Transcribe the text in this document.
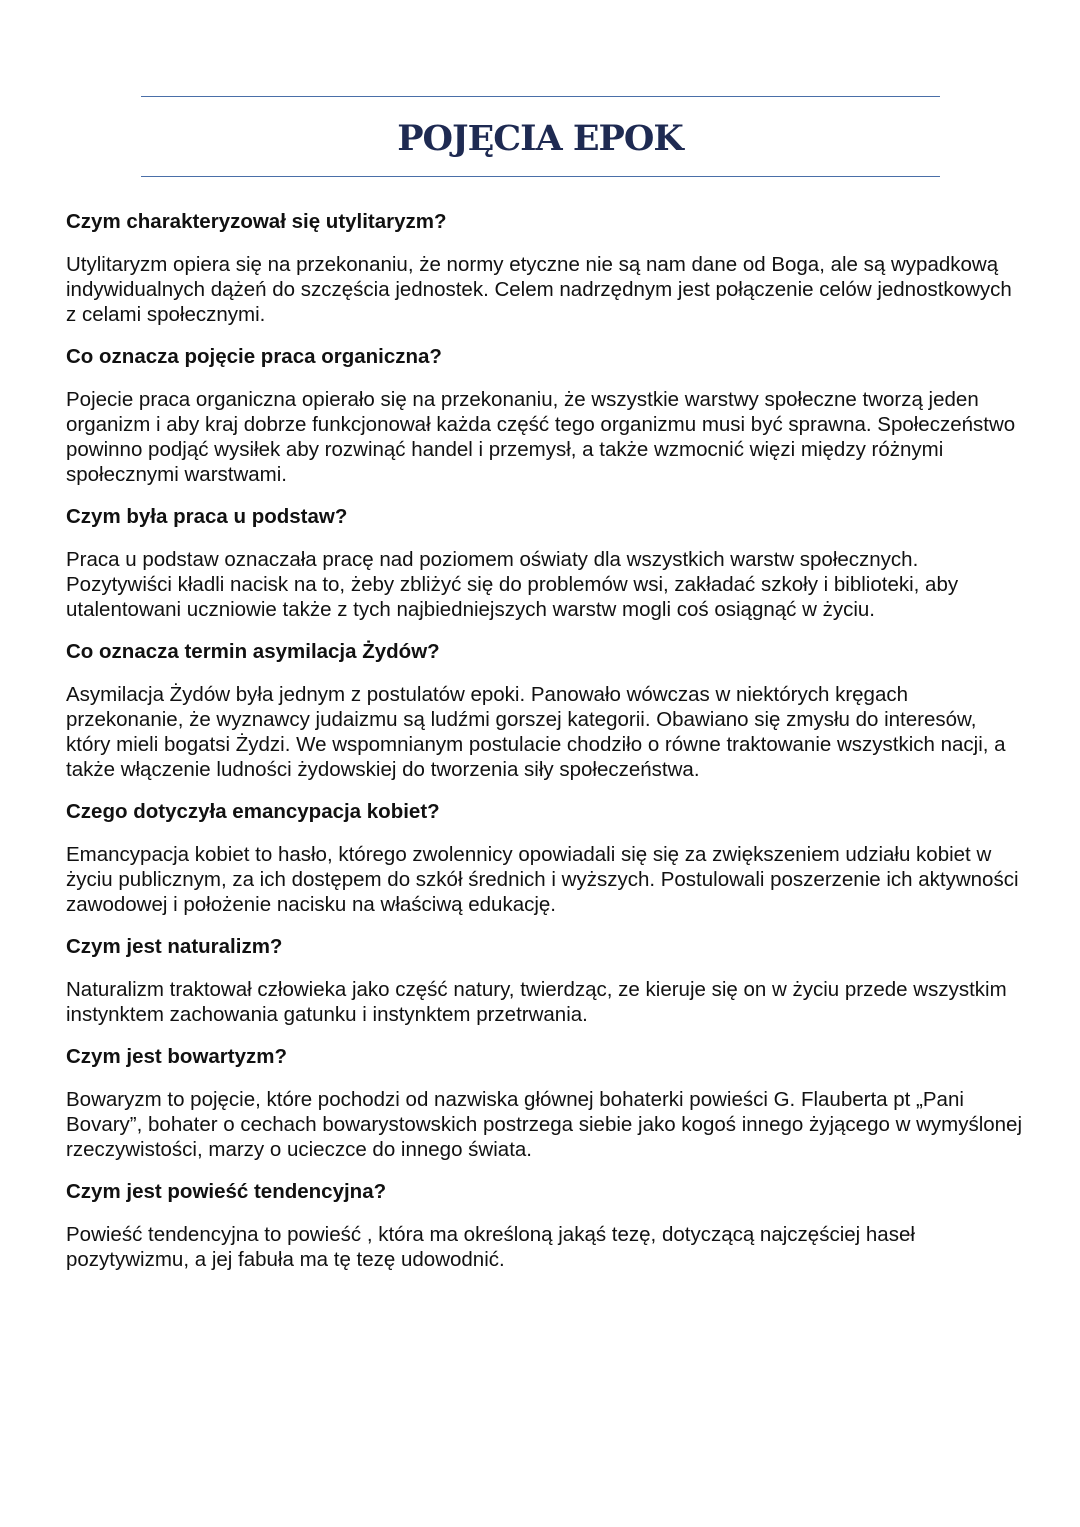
POJĘCIA EPOK

Czym charakteryzował się utylitaryzm?

Utylitaryzm opiera się na przekonaniu, że normy etyczne nie są nam dane od Boga, ale są wypadkową indywidualnych dążeń do szczęścia jednostek. Celem nadrzędnym jest połączenie celów jednostkowych z celami społecznymi.

Co oznacza pojęcie praca organiczna?

Pojecie praca organiczna opierało się na przekonaniu, że wszystkie warstwy społeczne tworzą jeden organizm i aby kraj dobrze funkcjonował każda część tego organizmu musi być sprawna. Społeczeństwo powinno podjąć wysiłek aby rozwinąć handel i przemysł, a także wzmocnić więzi między różnymi społecznymi warstwami.

Czym była praca u podstaw?

Praca u podstaw oznaczała pracę nad poziomem oświaty dla wszystkich warstw społecznych. Pozytywiści kładli nacisk na to, żeby zbliżyć się do problemów wsi, zakładać szkoły i biblioteki, aby utalentowani uczniowie także z tych najbiedniejszych warstw mogli coś osiągnąć w życiu.

Co oznacza termin asymilacja Żydów?

Asymilacja Żydów była jednym z postulatów epoki. Panowało wówczas w niektórych kręgach przekonanie, że wyznawcy judaizmu są ludźmi gorszej kategorii. Obawiano się zmysłu do interesów, który mieli bogatsi Żydzi. We wspomnianym postulacie chodziło o równe traktowanie wszystkich nacji, a także włączenie ludności żydowskiej do tworzenia siły społeczeństwa.

Czego dotyczyła emancypacja kobiet?

Emancypacja kobiet to hasło, którego zwolennicy opowiadali się się za zwiększeniem udziału kobiet w życiu publicznym, za ich dostępem do szkół średnich i wyższych. Postulowali poszerzenie ich aktywności zawodowej i położenie nacisku na właściwą edukację.

Czym jest naturalizm?

Naturalizm traktował człowieka jako część natury, twierdząc, ze kieruje się on w życiu przede wszystkim instynktem zachowania gatunku i instynktem przetrwania.

Czym jest bowartyzm?

Bowaryzm to pojęcie, które pochodzi od nazwiska głównej bohaterki powieści G. Flauberta pt „Pani Bovary”, bohater o cechach bowarystowskich postrzega siebie jako kogoś innego żyjącego w wymyślonej rzeczywistości, marzy o ucieczce do innego świata.

Czym jest powieść tendencyjna?

Powieść tendencyjna to powieść , która ma określoną jakąś tezę, dotyczącą najczęściej haseł pozytywizmu, a jej fabuła ma tę tezę udowodnić.
